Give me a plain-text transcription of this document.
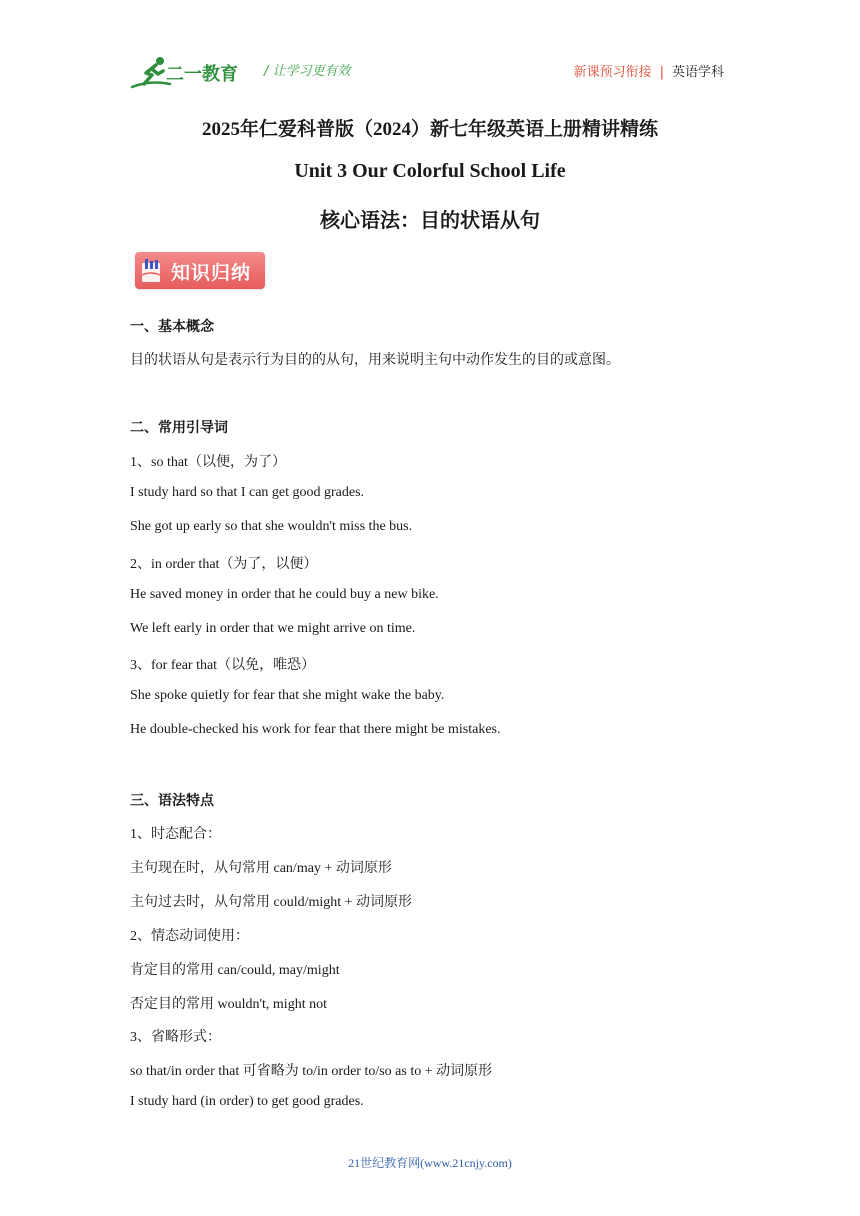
二一教育 / 让学习更有效	新课预习衔接 | 英语学科
2025年仁爱科普版（2024）新七年级英语上册精讲精练
Unit 3 Our Colorful School Life
核心语法：目的状语从句
知识归纳
一、基本概念
目的状语从句是表示行为目的的从句，用来说明主句中动作发生的目的或意图。
二、常用引导词
1、so that（以便，为了）
I study hard so that I can get good grades.
She got up early so that she wouldn't miss the bus.
2、in order that（为了，以便）
He saved money in order that he could buy a new bike.
We left early in order that we might arrive on time.
3、for fear that（以免，唯恐）
She spoke quietly for fear that she might wake the baby.
He double-checked his work for fear that there might be mistakes.
三、语法特点
1、时态配合：
主句现在时，从句常用 can/may + 动词原形
主句过去时，从句常用 could/might + 动词原形
2、情态动词使用：
肯定目的常用 can/could, may/might
否定目的常用 wouldn't, might not
3、省略形式：
so that/in order that 可省略为 to/in order to/so as to + 动词原形
I study hard (in order) to get good grades.
21世纪教育网(www.21cnjy.com)
